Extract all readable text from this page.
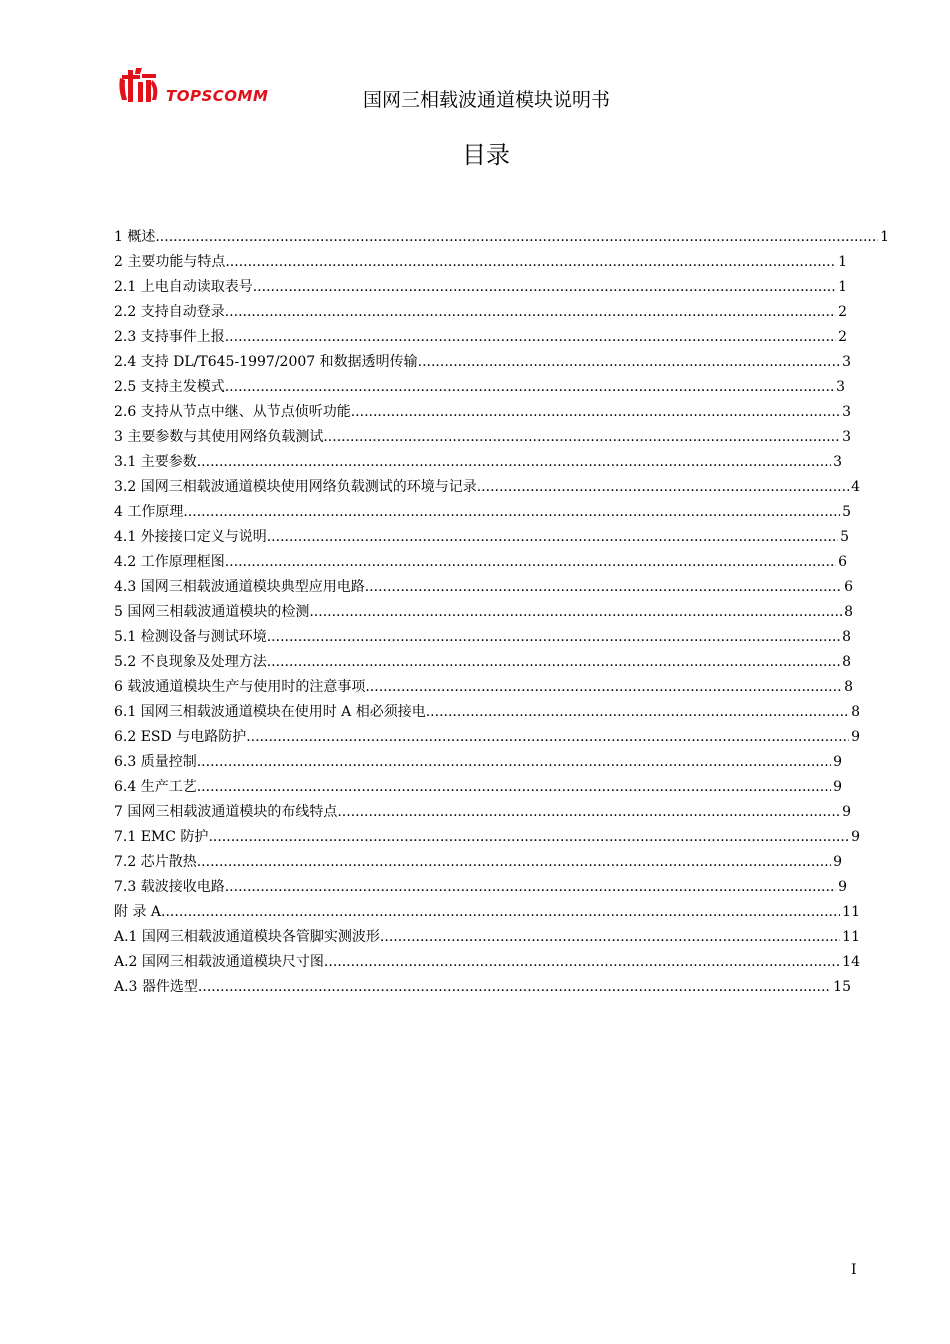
TOPSCOMM	国网三相载波通道模块说明书
目录
1 概述 .....	1
2 主要功能与特点 .....	1
2.1 上电自动读取表号 .....	1
2.2 支持自动登录 .....	2
2.3 支持事件上报 .....	2
2.4 支持 DL/T645-1997/2007 和数据透明传输 .....	3
2.5 支持主发模式 .....	3
2.6 支持从节点中继、从节点侦听功能 .....	3
3 主要参数与其使用网络负载测试 .....	3
3.1 主要参数 .....	3
3.2 国网三相载波通道模块使用网络负载测试的环境与记录 .....	4
4 工作原理 .....	5
4.1 外接接口定义与说明 .....	5
4.2 工作原理框图 .....	6
4.3 国网三相载波通道模块典型应用电路 .....	6
5 国网三相载波通道模块的检测 .....	8
5.1 检测设备与测试环境 .....	8
5.2 不良现象及处理方法 .....	8
6 载波通道模块生产与使用时的注意事项 .....	8
6.1 国网三相载波通道模块在使用时 A 相必须接电 .....	8
6.2 ESD 与电路防护 .....	9
6.3 质量控制 .....	9
6.4 生产工艺 .....	9
7 国网三相载波通道模块的布线特点 .....	9
7.1 EMC 防护 .....	9
7.2 芯片散热 .....	9
7.3 载波接收电路 .....	9
附 录 A .....	11
A.1 国网三相载波通道模块各管脚实测波形 .....	11
A.2 国网三相载波通道模块尺寸图 .....	14
A.3 器件选型 .....	15
I
